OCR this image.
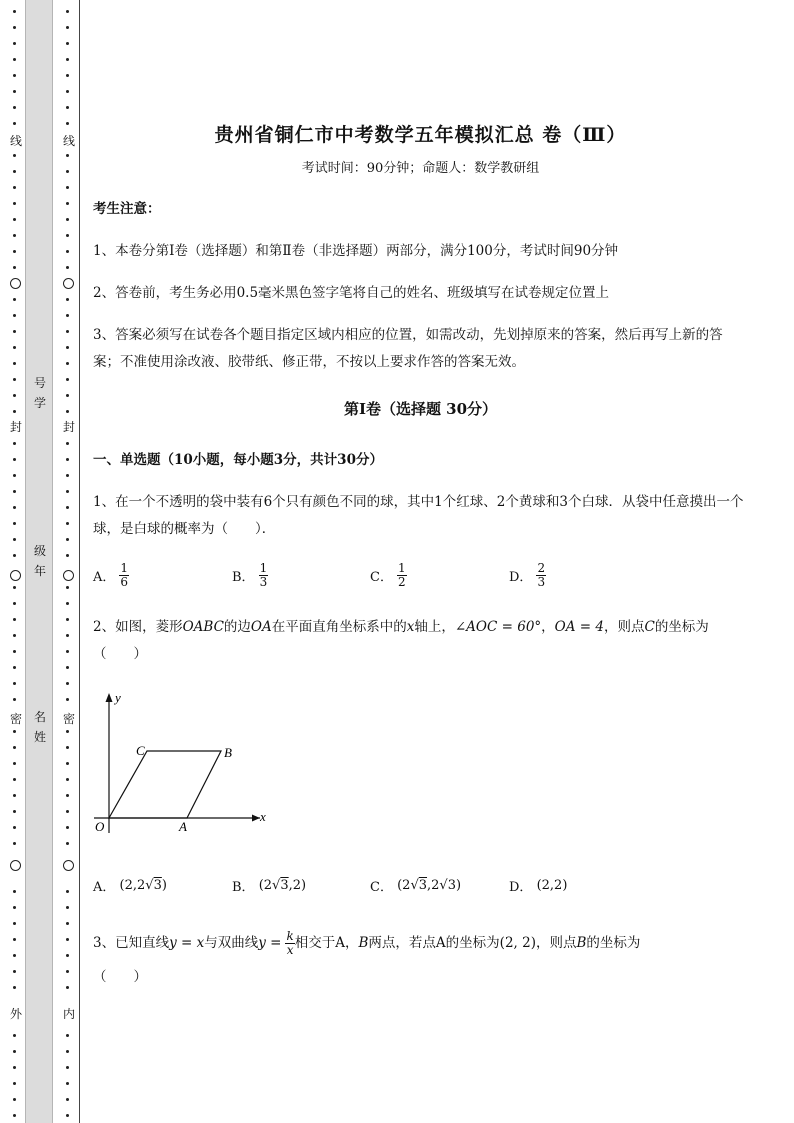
线
封
密
外
号
学
级
年
名
姓
线
封
密
内
贵州省铜仁市中考数学五年模拟汇总 卷（Ⅲ）
考试时间：90分钟；命题人：数学教研组
考生注意：
1、本卷分第Ⅰ卷（选择题）和第Ⅱ卷（非选择题）两部分，满分100分，考试时间90分钟
2、答卷前，考生务必用0.5毫米黑色签字笔将自己的姓名、班级填写在试卷规定位置上
3、答案必须写在试卷各个题目指定区域内相应的位置，如需改动，先划掉原来的答案，然后再写上新的答案；不准使用涂改液、胶带纸、修正带，不按以上要求作答的答案无效。
第Ⅰ卷（选择题 30分）
一、单选题（10小题，每小题3分，共计30分）
1、在一个不透明的袋中装有6个只有颜色不同的球，其中1个红球、2个黄球和3个白球．从袋中任意摸出一个球，是白球的概率为（　　）．
A． $\frac{1}{6}$	B． $\frac{1}{3}$	C． $\frac{1}{2}$	D． $\frac{2}{3}$
2、如图，菱形OABC的边OA在平面直角坐标系中的x轴上，∠AOC = 60°，OA = 4，则点C的坐标为
（　　）
y
x
O	A
B
C
A．
(2,2 √ 3 )	B．
(2 √ 3 ,2)	C．
(2 √ 3 ,2√3)	D．
(2,2)
3、已知直线y = x与双曲线$y = \frac{k}{x}$ 相交于A，B两点，若点A的坐标为(2, 2)，则点B的坐标为
（　　）
